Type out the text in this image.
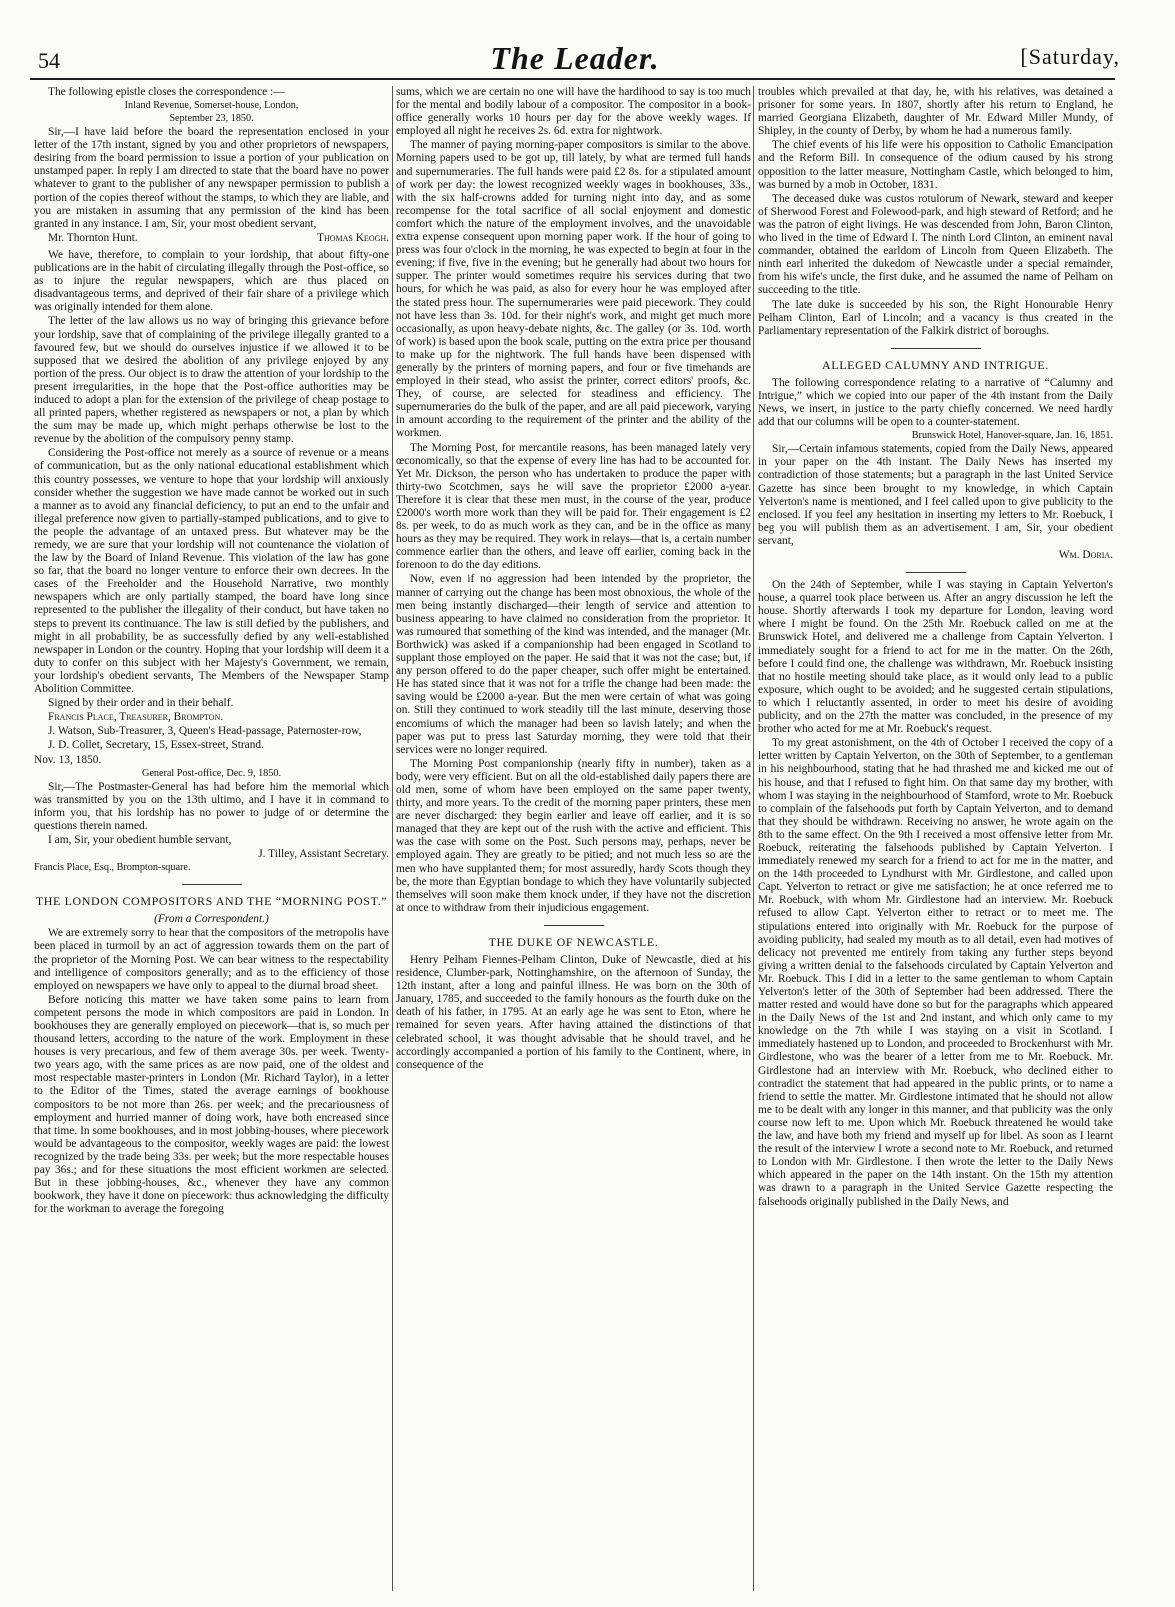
54	The Leader.	[Saturday,

The following epistle closes the correspondence :—

Inland Revenue, Somerset-house, London,

September 23, 1850.

Sir,—I have laid before the board the representation enclosed in your letter of the 17th instant, signed by you and other proprietors of newspapers, desiring from the board permission to issue a portion of your publication on unstamped paper. In reply I am directed to state that the board have no power whatever to grant to the publisher of any newspaper permission to publish a portion of the copies thereof without the stamps, to which they are liable, and you are mistaken in assuming that any permission of the kind has been granted in any instance. I am, Sir, your most obedient servant,

Mr. Thornton Hunt.	Thomas Keogh.

We have, therefore, to complain to your lordship, that about fifty-one publications are in the habit of circulating illegally through the Post-office, so as to injure the regular newspapers, which are thus placed on disadvantageous terms, and deprived of their fair share of a privilege which was originally intended for them alone.

The letter of the law allows us no way of bringing this grievance before your lordship, save that of complaining of the privilege illegally granted to a favoured few, but we should do ourselves injustice if we allowed it to be supposed that we desired the abolition of any privilege enjoyed by any portion of the press. Our object is to draw the attention of your lordship to the present irregularities, in the hope that the Post-office authorities may be induced to adopt a plan for the extension of the privilege of cheap postage to all printed papers, whether registered as newspapers or not, a plan by which the sum may be made up, which might perhaps otherwise be lost to the revenue by the abolition of the compulsory penny stamp.

Considering the Post-office not merely as a source of revenue or a means of communication, but as the only national educational establishment which this country possesses, we venture to hope that your lordship will anxiously consider whether the suggestion we have made cannot be worked out in such a manner as to avoid any financial deficiency, to put an end to the unfair and illegal preference now given to partially-stamped publications, and to give to the people the advantage of an untaxed press. But whatever may be the remedy, we are sure that your lordship will not countenance the violation of the law by the Board of Inland Revenue. This violation of the law has gone so far, that the board no longer venture to enforce their own decrees. In the cases of the Freeholder and the Household Narrative, two monthly newspapers which are only partially stamped, the board have long since represented to the publisher the illegality of their conduct, but have taken no steps to prevent its continuance. The law is still defied by the publishers, and might in all probability, be as successfully defied by any well-established newspaper in London or the country. Hoping that your lordship will deem it a duty to confer on this subject with her Majesty's Government, we remain, your lordship's obedient servants, The Members of the Newspaper Stamp Abolition Committee.

Signed by their order and in their behalf.

Francis Place, Treasurer, Brompton.

J. Watson, Sub-Treasurer, 3, Queen's Head-passage, Paternoster-row,

J. D. Collet, Secretary, 15, Essex-street, Strand.

Nov. 13, 1850.

General Post-office, Dec. 9, 1850.

Sir,—The Postmaster-General has had before him the memorial which was transmitted by you on the 13th ultimo, and I have it in command to inform you, that his lordship has no power to judge of or determine the questions therein named.

I am, Sir, your obedient humble servant,

J. Tilley, Assistant Secretary.

Francis Place, Esq., Brompton-square.

THE LONDON COMPOSITORS AND THE “MORNING POST.”

(From a Correspondent.)

We are extremely sorry to hear that the compositors of the metropolis have been placed in turmoil by an act of aggression towards them on the part of the proprietor of the Morning Post. We can bear witness to the respectability and intelligence of compositors generally; and as to the efficiency of those employed on newspapers we have only to appeal to the diurnal broad sheet.

Before noticing this matter we have taken some pains to learn from competent persons the mode in which compositors are paid in London. In bookhouses they are generally employed on piecework—that is, so much per thousand letters, according to the nature of the work. Employment in these houses is very precarious, and few of them average 30s. per week. Twenty-two years ago, with the same prices as are now paid, one of the oldest and most respectable master-printers in London (Mr. Richard Taylor), in a letter to the Editor of the Times, stated the average earnings of bookhouse compositors to be not more than 26s. per week; and the precariousness of employment and hurried manner of doing work, have both encreased since that time. In some bookhouses, and in most jobbing-houses, where piecework would be advantageous to the compositor, weekly wages are paid: the lowest recognized by the trade being 33s. per week; but the more respectable houses pay 36s.; and for these situations the most efficient workmen are selected. But in these jobbing-houses, &c., whenever they have any common bookwork, they have it done on piecework: thus acknowledging the difficulty for the workman to average the foregoing

sums, which we are certain no one will have the hardihood to say is too much for the mental and bodily labour of a compositor. The compositor in a book-office generally works 10 hours per day for the above weekly wages. If employed all night he receives 2s. 6d. extra for nightwork.

The manner of paying morning-paper compositors is similar to the above. Morning papers used to be got up, till lately, by what are termed full hands and supernumeraries. The full hands were paid £2 8s. for a stipulated amount of work per day: the lowest recognized weekly wages in bookhouses, 33s., with the six half-crowns added for turning night into day, and as some recompense for the total sacrifice of all social enjoyment and domestic comfort which the nature of the employment involves, and the unavoidable extra expense consequent upon morning paper work. If the hour of going to press was four o'clock in the morning, he was expected to begin at four in the evening; if five, five in the evening; but he generally had about two hours for supper. The printer would sometimes require his services during that two hours, for which he was paid, as also for every hour he was employed after the stated press hour. The supernumeraries were paid piecework. They could not have less than 3s. 10d. for their night's work, and might get much more occasionally, as upon heavy-debate nights, &c. The galley (or 3s. 10d. worth of work) is based upon the book scale, putting on the extra price per thousand to make up for the nightwork. The full hands have been dispensed with generally by the printers of morning papers, and four or five timehands are employed in their stead, who assist the printer, correct editors' proofs, &c. They, of course, are selected for steadiness and efficiency. The supernumeraries do the bulk of the paper, and are all paid piecework, varying in amount according to the requirement of the printer and the ability of the workmen.

The Morning Post, for mercantile reasons, has been managed lately very œconomically, so that the expense of every line has had to be accounted for. Yet Mr. Dickson, the person who has undertaken to produce the paper with thirty-two Scotchmen, says he will save the proprietor £2000 a-year. Therefore it is clear that these men must, in the course of the year, produce £2000's worth more work than they will be paid for. Their engagement is £2 8s. per week, to do as much work as they can, and be in the office as many hours as they may be required. They work in relays—that is, a certain number commence earlier than the others, and leave off earlier, coming back in the forenoon to do the day editions.

Now, even if no aggression had been intended by the proprietor, the manner of carrying out the change has been most obnoxious, the whole of the men being instantly discharged—their length of service and attention to business appearing to have claimed no consideration from the proprietor. It was rumoured that something of the kind was intended, and the manager (Mr. Borthwick) was asked if a companionship had been engaged in Scotland to supplant those employed on the paper. He said that it was not the case; but, if any person offered to do the paper cheaper, such offer might be entertained. He has stated since that it was not for a trifle the change had been made: the saving would be £2000 a-year. But the men were certain of what was going on. Still they continued to work steadily till the last minute, deserving those encomiums of which the manager had been so lavish lately; and when the paper was put to press last Saturday morning, they were told that their services were no longer required.

The Morning Post companionship (nearly fifty in number), taken as a body, were very efficient. But on all the old-established daily papers there are old men, some of whom have been employed on the same paper twenty, thirty, and more years. To the credit of the morning paper printers, these men are never discharged: they begin earlier and leave off earlier, and it is so managed that they are kept out of the rush with the active and efficient. This was the case with some on the Post. Such persons may, perhaps, never be employed again. They are greatly to be pitied; and not much less so are the men who have supplanted them; for most assuredly, hardy Scots though they be, the more than Egyptian bondage to which they have voluntarily subjected themselves will soon make them knock under, if they have not the discretion at once to withdraw from their injudicious engagement.

THE DUKE OF NEWCASTLE.

Henry Pelham Fiennes-Pelham Clinton, Duke of Newcastle, died at his residence, Clumber-park, Nottinghamshire, on the afternoon of Sunday, the 12th instant, after a long and painful illness. He was born on the 30th of January, 1785, and succeeded to the family honours as the fourth duke on the death of his father, in 1795. At an early age he was sent to Eton, where he remained for seven years. After having attained the distinctions of that celebrated school, it was thought advisable that he should travel, and he accordingly accompanied a portion of his family to the Continent, where, in consequence of the

troubles which prevailed at that day, he, with his relatives, was detained a prisoner for some years. In 1807, shortly after his return to England, he married Georgiana Elizabeth, daughter of Mr. Edward Miller Mundy, of Shipley, in the county of Derby, by whom he had a numerous family.

The chief events of his life were his opposition to Catholic Emancipation and the Reform Bill. In consequence of the odium caused by his strong opposition to the latter measure, Nottingham Castle, which belonged to him, was burned by a mob in October, 1831.

The deceased duke was custos rotulorum of Newark, steward and keeper of Sherwood Forest and Folewood-park, and high steward of Retford; and he was the patron of eight livings. He was descended from John, Baron Clinton, who lived in the time of Edward I. The ninth Lord Clinton, an eminent naval commander, obtained the earldom of Lincoln from Queen Elizabeth. The ninth earl inherited the dukedom of Newcastle under a special remainder, from his wife's uncle, the first duke, and he assumed the name of Pelham on succeeding to the title.

The late duke is succeeded by his son, the Right Honourable Henry Pelham Clinton, Earl of Lincoln; and a vacancy is thus created in the Parliamentary representation of the Falkirk district of boroughs.

ALLEGED CALUMNY AND INTRIGUE.

The following correspondence relating to a narrative of “Calumny and Intrigue,” which we copied into our paper of the 4th instant from the Daily News, we insert, in justice to the party chiefly concerned. We need hardly add that our columns will be open to a counter-statement.

Brunswick Hotel, Hanover-square, Jan. 16, 1851.

Sir,—Certain infamous statements, copied from the Daily News, appeared in your paper on the 4th instant. The Daily News has inserted my contradiction of those statements; but a paragraph in the last United Service Gazette has since been brought to my knowledge, in which Captain Yelverton's name is mentioned, and I feel called upon to give publicity to the enclosed. If you feel any hesitation in inserting my letters to Mr. Roebuck, I beg you will publish them as an advertisement. I am, Sir, your obedient servant,

Wm. Doria.

On the 24th of September, while I was staying in Captain Yelverton's house, a quarrel took place between us. After an angry discussion he left the house. Shortly afterwards I took my departure for London, leaving word where I might be found. On the 25th Mr. Roebuck called on me at the Brunswick Hotel, and delivered me a challenge from Captain Yelverton. I immediately sought for a friend to act for me in the matter. On the 26th, before I could find one, the challenge was withdrawn, Mr. Roebuck insisting that no hostile meeting should take place, as it would only lead to a public exposure, which ought to be avoided; and he suggested certain stipulations, to which I reluctantly assented, in order to meet his desire of avoiding publicity, and on the 27th the matter was concluded, in the presence of my brother who acted for me at Mr. Roebuck's request.

To my great astonishment, on the 4th of October I received the copy of a letter written by Captain Yelverton, on the 30th of September, to a gentleman in his neighbourhood, stating that he had thrashed me and kicked me out of his house, and that I refused to fight him. On that same day my brother, with whom I was staying in the neighbourhood of Stamford, wrote to Mr. Roebuck to complain of the falsehoods put forth by Captain Yelverton, and to demand that they should be withdrawn. Receiving no answer, he wrote again on the 8th to the same effect. On the 9th I received a most offensive letter from Mr. Roebuck, reiterating the falsehoods published by Captain Yelverton. I immediately renewed my search for a friend to act for me in the matter, and on the 14th proceeded to Lyndhurst with Mr. Girdlestone, and called upon Capt. Yelverton to retract or give me satisfaction; he at once referred me to Mr. Roebuck, with whom Mr. Girdlestone had an interview. Mr. Roebuck refused to allow Capt. Yelverton either to retract or to meet me. The stipulations entered into originally with Mr. Roebuck for the purpose of avoiding publicity, had sealed my mouth as to all detail, even had motives of delicacy not prevented me entirely from taking any further steps beyond giving a written denial to the falsehoods circulated by Captain Yelverton and Mr. Roebuck. This I did in a letter to the same gentleman to whom Captain Yelverton's letter of the 30th of September had been addressed. There the matter rested and would have done so but for the paragraphs which appeared in the Daily News of the 1st and 2nd instant, and which only came to my knowledge on the 7th while I was staying on a visit in Scotland. I immediately hastened up to London, and proceeded to Brockenhurst with Mr. Girdlestone, who was the bearer of a letter from me to Mr. Roebuck. Mr. Girdlestone had an interview with Mr. Roebuck, who declined either to contradict the statement that had appeared in the public prints, or to name a friend to settle the matter. Mr. Girdlestone intimated that he should not allow me to be dealt with any longer in this manner, and that publicity was the only course now left to me. Upon which Mr. Roebuck threatened he would take the law, and have both my friend and myself up for libel. As soon as I learnt the result of the interview I wrote a second note to Mr. Roebuck, and returned to London with Mr. Girdlestone. I then wrote the letter to the Daily News which appeared in the paper on the 14th instant. On the 15th my attention was drawn to a paragraph in the United Service Gazette respecting the falsehoods originally published in the Daily News, and
